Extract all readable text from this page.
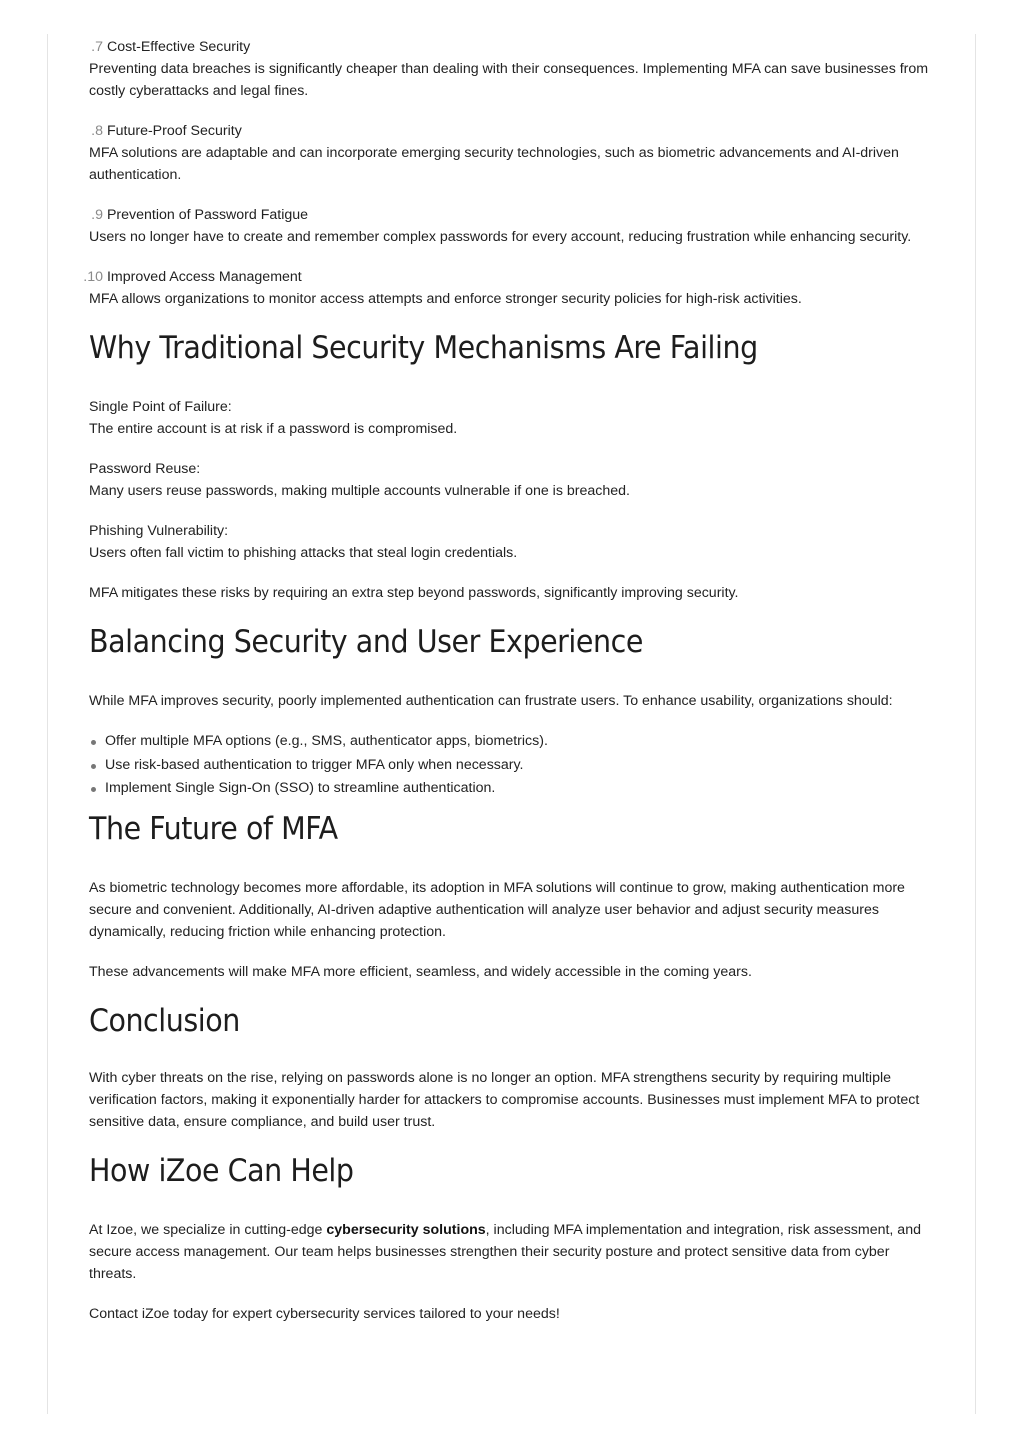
7. Cost-Effective Security
Preventing data breaches is significantly cheaper than dealing with their consequences. Implementing MFA can save businesses from costly cyberattacks and legal fines.
8. Future-Proof Security
MFA solutions are adaptable and can incorporate emerging security technologies, such as biometric advancements and AI-driven authentication.
9. Prevention of Password Fatigue
Users no longer have to create and remember complex passwords for every account, reducing frustration while enhancing security.
10. Improved Access Management
MFA allows organizations to monitor access attempts and enforce stronger security policies for high-risk activities.
Why Traditional Security Mechanisms Are Failing

Single Point of Failure:
The entire account is at risk if a password is compromised.

Password Reuse:
Many users reuse passwords, making multiple accounts vulnerable if one is breached.

Phishing Vulnerability:
Users often fall victim to phishing attacks that steal login credentials.

MFA mitigates these risks by requiring an extra step beyond passwords, significantly improving security.

Balancing Security and User Experience

While MFA improves security, poorly implemented authentication can frustrate users. To enhance usability, organizations should:

Offer multiple MFA options (e.g., SMS, authenticator apps, biometrics).
Use risk-based authentication to trigger MFA only when necessary.
Implement Single Sign-On (SSO) to streamline authentication.
The Future of MFA

As biometric technology becomes more affordable, its adoption in MFA solutions will continue to grow, making authentication more secure and convenient. Additionally, AI-driven adaptive authentication will analyze user behavior and adjust security measures dynamically, reducing friction while enhancing protection.

These advancements will make MFA more efficient, seamless, and widely accessible in the coming years.

Conclusion

With cyber threats on the rise, relying on passwords alone is no longer an option. MFA strengthens security by requiring multiple verification factors, making it exponentially harder for attackers to compromise accounts. Businesses must implement MFA to protect sensitive data, ensure compliance, and build user trust.

How iZoe Can Help

At Izoe, we specialize in cutting-edge cybersecurity solutions, including MFA implementation and integration, risk assessment, and secure access management. Our team helps businesses strengthen their security posture and protect sensitive data from cyber threats.

Contact iZoe today for expert cybersecurity services tailored to your needs!
